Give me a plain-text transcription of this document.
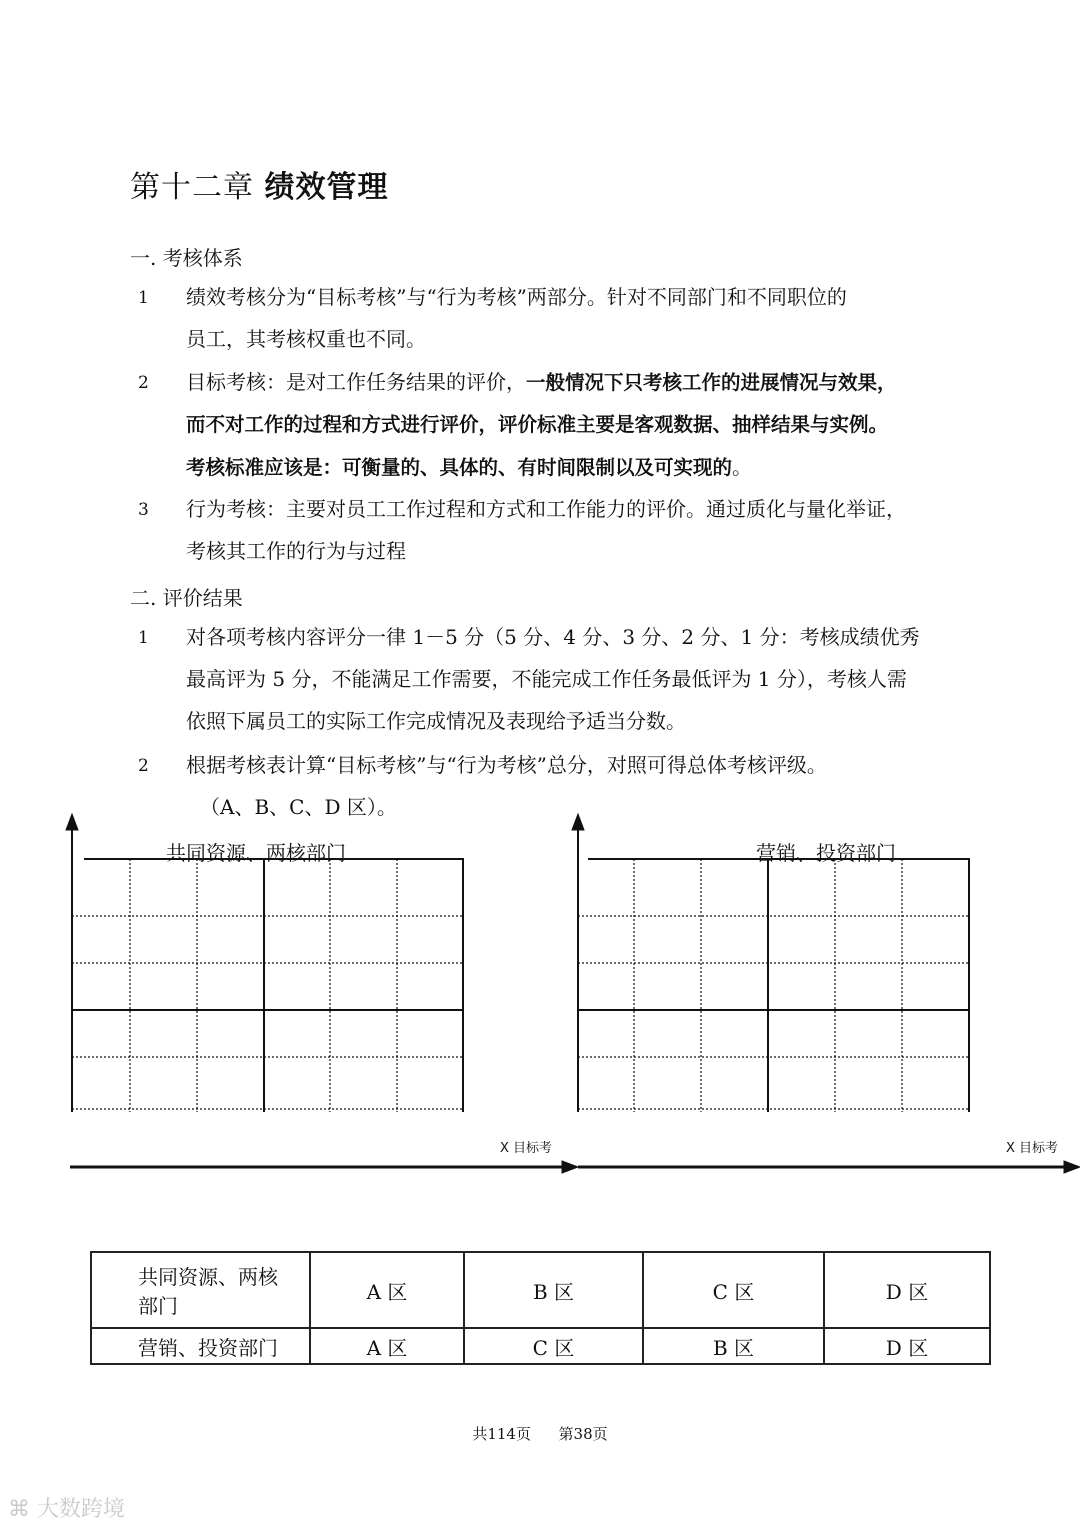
第十二章 绩效管理
一. 考核体系
1 绩效考核分为“目标考核”与“行为考核”两部分。针对不同部门和不同职位的
员工，其考核权重也不同。
2 目标考核：是对工作任务结果的评价，一般情况下只考核工作的进展情况与效果，
而不对工作的过程和方式进行评价，评价标准主要是客观数据、抽样结果与实例。
考核标准应该是：可衡量的、具体的、有时间限制以及可实现的。
3 行为考核：主要对员工工作过程和方式和工作能力的评价。通过质化与量化举证，
考核其工作的行为与过程
二. 评价结果
1 对各项考核内容评分一律 1－5 分（5 分、4 分、3 分、2 分、1 分：考核成绩优秀
最高评为 5 分，不能满足工作需要，不能完成工作任务最低评为 1 分），考核人需
依照下属员工的实际工作完成情况及表现给予适当分数。
2 根据考核表计算“目标考核”与“行为考核”总分，对照可得总体考核评级。
（A、B、C、D 区）。
共同资源、两核部门	营销、投资部门
X 目标考	X 目标考
共同资源、两核
部门	A 区	B 区	C 区	D 区
营销、投资部门	A 区	C 区	B 区	D 区
共114页 第38页
⌘ 大数跨境
